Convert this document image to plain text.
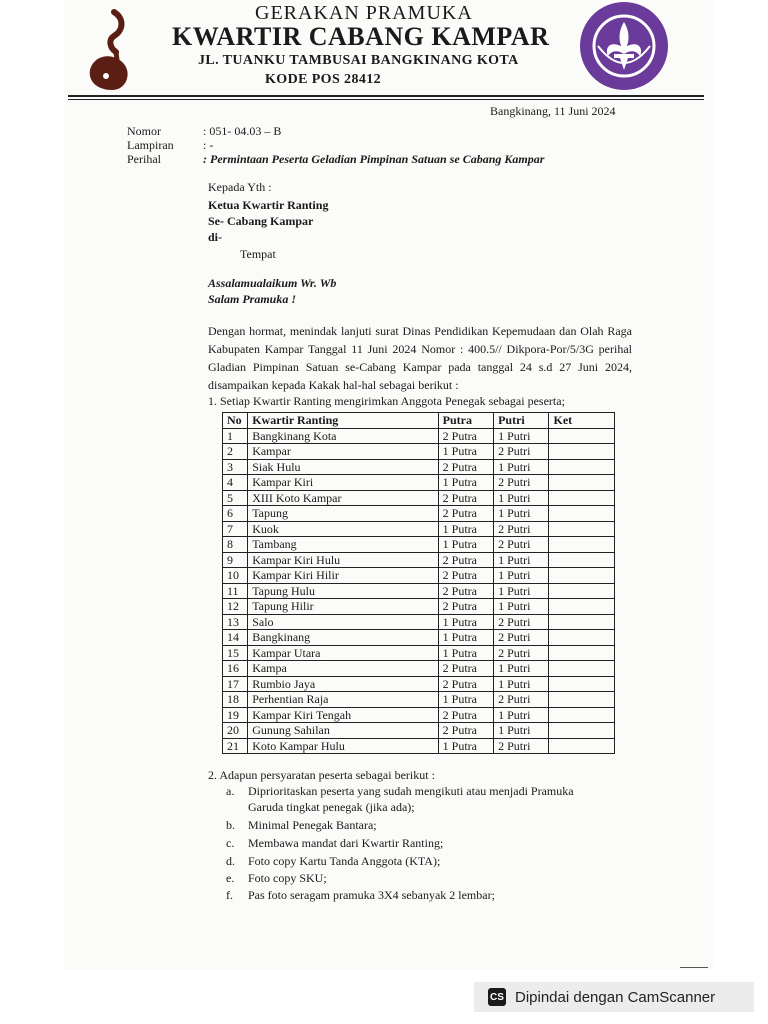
GERAKAN PRAMUKA
KWARTIR CABANG KAMPAR
JL. TUANKU TAMBUSAI BANGKINANG KOTA
KODE POS 28412
Bangkinang, 11 Juni 2024
Nomor	: 051- 04.03 – B
Lampiran : -
Perihal	: Permintaan Peserta Geladian Pimpinan Satuan se Cabang Kampar
Kepada Yth :
Ketua Kwartir Ranting
Se- Cabang Kampar
di-
Tempat
Assalamualaikum Wr. Wb
Salam Pramuka !
Dengan hormat, menindak lanjuti surat Dinas Pendidikan Kepemudaan dan Olah Raga Kabupaten Kampar Tanggal 11 Juni 2024 Nomor : 400.5// Dikpora-Por/5/3G perihal Gladian Pimpinan Satuan se-Cabang Kampar pada tanggal 24 s.d 27 Juni 2024, disampaikan kepada Kakak hal-hal sebagai berikut :
1. Setiap Kwartir Ranting mengirimkan Anggota Penegak sebagai peserta;
No	Kwartir Ranting	Putra	Putri	Ket
1	Bangkinang Kota	2 Putra	1 Putri	
2	Kampar	1 Putra	2 Putri	
3	Siak Hulu	2 Putra	1 Putri	
4	Kampar Kiri	1 Putra	2 Putri	
5	XIII Koto Kampar	2 Putra	1 Putri	
6	Tapung	2 Putra	1 Putri	
7	Kuok	1 Putra	2 Putri	
8	Tambang	1 Putra	2 Putri	
9	Kampar Kiri Hulu	2 Putra	1 Putri	
10	Kampar Kiri Hilir	2 Putra	1 Putri	
11	Tapung Hulu	2 Putra	1 Putri	
12	Tapung Hilir	2 Putra	1 Putri	
13	Salo	1 Putra	2 Putri	
14	Bangkinang	1 Putra	2 Putri	
15	Kampar Utara	1 Putra	2 Putri	
16	Kampa	2 Putra	1 Putri	
17	Rumbio Jaya	2 Putra	1 Putri	
18	Perhentian Raja	1 Putra	2 Putri	
19	Kampar Kiri Tengah	2 Putra	1 Putri	
20	Gunung Sahilan	2 Putra	1 Putri	
21	Koto Kampar Hulu	1 Putra	2 Putri	
2. Adapun persyaratan peserta sebagai berikut :
a. Diprioritaskan peserta yang sudah mengikuti atau menjadi Pramuka
Garuda tingkat penegak (jika ada);
b. Minimal Penegak Bantara;
c. Membawa mandat dari Kwartir Ranting;
d. Foto copy Kartu Tanda Anggota (KTA);
e. Foto copy SKU;
f. Pas foto seragam pramuka 3X4 sebanyak 2 lembar;
CS Dipindai dengan CamScanner
